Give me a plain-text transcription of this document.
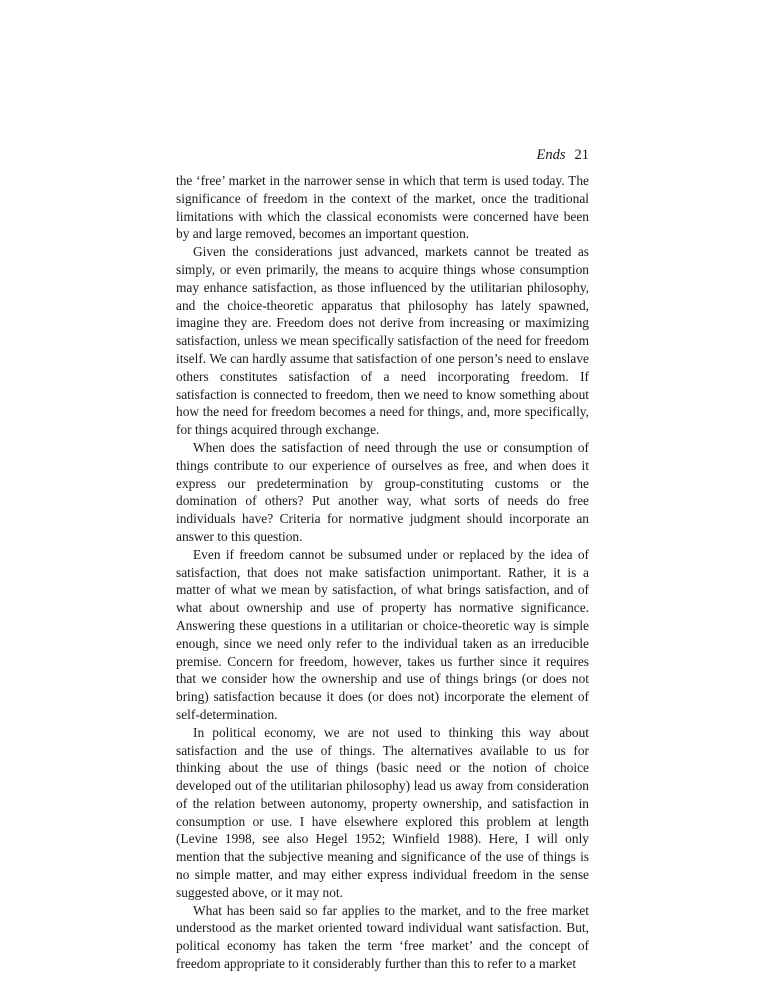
Ends 21

the ‘free’ market in the narrower sense in which that term is used today. The significance of freedom in the context of the market, once the traditional limitations with which the classical economists were concerned have been by and large removed, becomes an important question.

Given the considerations just advanced, markets cannot be treated as simply, or even primarily, the means to acquire things whose consumption may enhance satisfaction, as those influenced by the utilitarian philosophy, and the choice-theoretic apparatus that philosophy has lately spawned, imagine they are. Freedom does not derive from increasing or maximizing satisfaction, unless we mean specifically satisfaction of the need for freedom itself. We can hardly assume that satisfaction of one person’s need to enslave others constitutes satisfaction of a need incorporating freedom. If satisfaction is connected to freedom, then we need to know something about how the need for freedom becomes a need for things, and, more specifically, for things acquired through exchange.

When does the satisfaction of need through the use or consumption of things contribute to our experience of ourselves as free, and when does it express our predetermination by group-constituting customs or the domination of others? Put another way, what sorts of needs do free individuals have? Criteria for normative judgment should incorporate an answer to this question.

Even if freedom cannot be subsumed under or replaced by the idea of satisfaction, that does not make satisfaction unimportant. Rather, it is a matter of what we mean by satisfaction, of what brings satisfaction, and of what about ownership and use of property has normative significance. Answering these questions in a utilitarian or choice-theoretic way is simple enough, since we need only refer to the individual taken as an irreducible premise. Concern for freedom, however, takes us further since it requires that we consider how the ownership and use of things brings (or does not bring) satisfaction because it does (or does not) incorporate the element of self-determination.

In political economy, we are not used to thinking this way about satisfaction and the use of things. The alternatives available to us for thinking about the use of things (basic need or the notion of choice developed out of the utilitarian philosophy) lead us away from consideration of the relation between autonomy, property ownership, and satisfaction in consumption or use. I have elsewhere explored this problem at length (Levine 1998, see also Hegel 1952; Winfield 1988). Here, I will only mention that the subjective meaning and significance of the use of things is no simple matter, and may either express individual freedom in the sense suggested above, or it may not.

What has been said so far applies to the market, and to the free market understood as the market oriented toward individual want satisfaction. But, political economy has taken the term ‘free market’ and the concept of freedom appropriate to it considerably further than this to refer to a market
